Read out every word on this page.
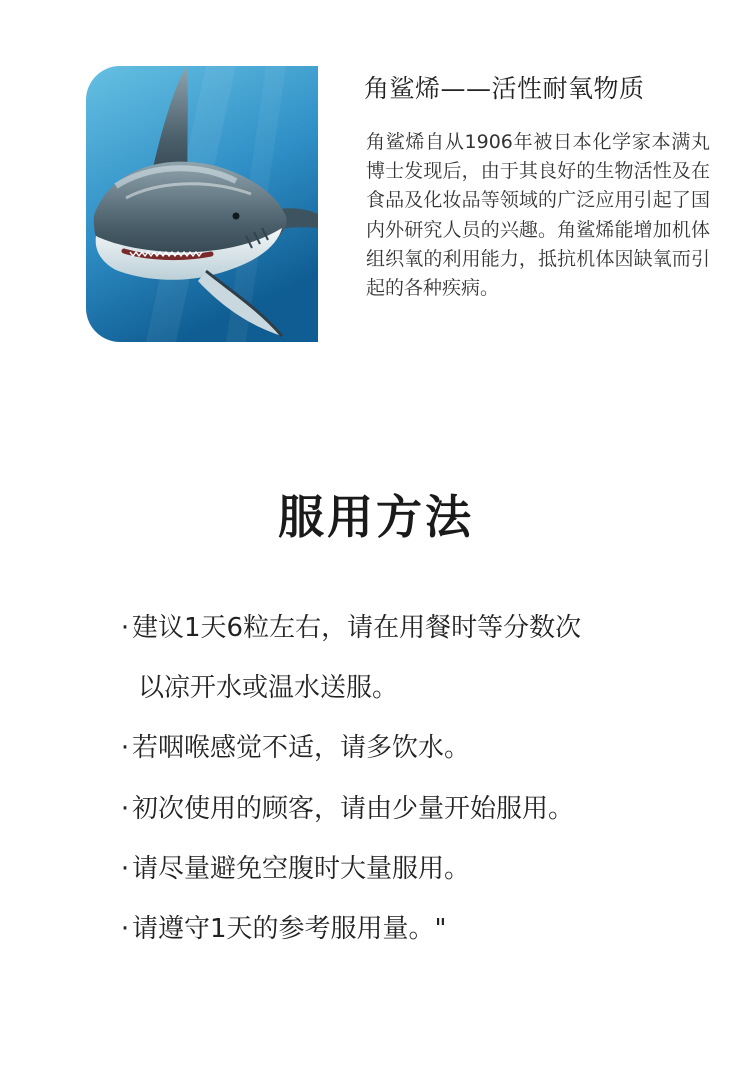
角鲨烯——活性耐氧物质

角鲨烯自从1906年被日本化学家本满丸博士发现后，由于其良好的生物活性及在食品及化妆品等领域的广泛应用引起了国内外研究人员的兴趣。角鲨烯能增加机体组织氧的利用能力，抵抗机体因缺氧而引起的各种疾病。

服用方法
· 建议1天6粒左右，请在用餐时等分数次
以凉开水或温水送服。
· 若咽喉感觉不适，请多饮水。
· 初次使用的顾客，请由少量开始服用。
· 请尽量避免空腹时大量服用。
· 请遵守1天的参考服用量。"
